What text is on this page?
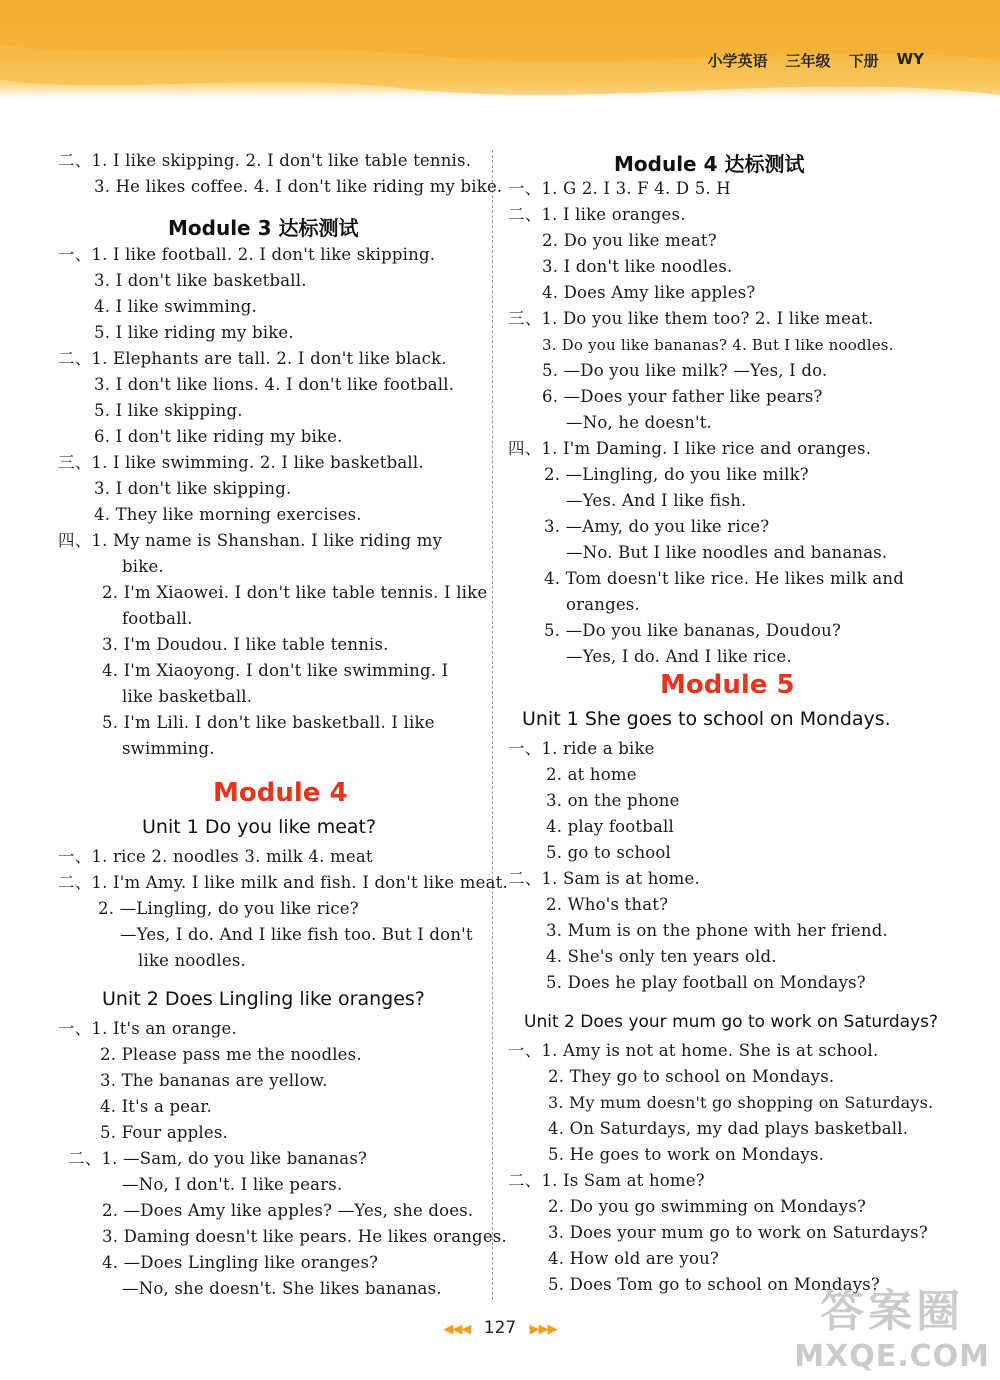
小学英语 三年级 下册 WY
二、1. I like skipping. 2. I don't like table tennis.
3. He likes coffee. 4. I don't like riding my bike.
Module 3 达标测试
一、1. I like football. 2. I don't like skipping.
3. I don't like basketball.
4. I like swimming.
5. I like riding my bike.
二、1. Elephants are tall. 2. I don't like black.
3. I don't like lions. 4. I don't like football.
5. I like skipping.
6. I don't like riding my bike.
三、1. I like swimming. 2. I like basketball.
3. I don't like skipping.
4. They like morning exercises.
四、1. My name is Shanshan. I like riding my
bike.
2. I'm Xiaowei. I don't like table tennis. I like
football.
3. I'm Doudou. I like table tennis.
4. I'm Xiaoyong. I don't like swimming. I
like basketball.
5. I'm Lili. I don't like basketball. I like
swimming.
Module 4
Unit 1 Do you like meat?
一、1. rice 2. noodles 3. milk 4. meat
二、1. I'm Amy. I like milk and fish. I don't like meat.
2. —Lingling, do you like rice?
—Yes, I do. And I like fish too. But I don't
like noodles.
Unit 2 Does Lingling like oranges?
一、1. It's an orange.
2. Please pass me the noodles.
3. The bananas are yellow.
4. It's a pear.
5. Four apples.
二、1. —Sam, do you like bananas?
—No, I don't. I like pears.
2. —Does Amy like apples? —Yes, she does.
3. Daming doesn't like pears. He likes oranges.
4. —Does Lingling like oranges?
—No, she doesn't. She likes bananas.
Module 4 达标测试
一、1. G 2. I 3. F 4. D 5. H
二、1. I like oranges.
2. Do you like meat?
3. I don't like noodles.
4. Does Amy like apples?
三、1. Do you like them too? 2. I like meat.
3. Do you like bananas? 4. But I like noodles.
5. —Do you like milk? —Yes, I do.
6. —Does your father like pears?
—No, he doesn't.
四、1. I'm Daming. I like rice and oranges.
2. —Lingling, do you like milk?
—Yes. And I like fish.
3. —Amy, do you like rice?
—No. But I like noodles and bananas.
4. Tom doesn't like rice. He likes milk and
oranges.
5. —Do you like bananas, Doudou?
—Yes, I do. And I like rice.
Module 5
Unit 1 She goes to school on Mondays.
一、1. ride a bike
2. at home
3. on the phone
4. play football
5. go to school
二、1. Sam is at home.
2. Who's that?
3. Mum is on the phone with her friend.
4. She's only ten years old.
5. Does he play football on Mondays?
Unit 2 Does your mum go to work on Saturdays?
一、1. Amy is not at home. She is at school.
2. They go to school on Mondays.
3. My mum doesn't go shopping on Saturdays.
4. On Saturdays, my dad plays basketball.
5. He goes to work on Mondays.
二、1. Is Sam at home?
2. Do you go swimming on Mondays?
3. Does your mum go to work on Saturdays?
4. How old are you?
5. Does Tom go to school on Mondays?
◀◀◀ 127 ▶▶▶	答案圈
MXQE.COM
